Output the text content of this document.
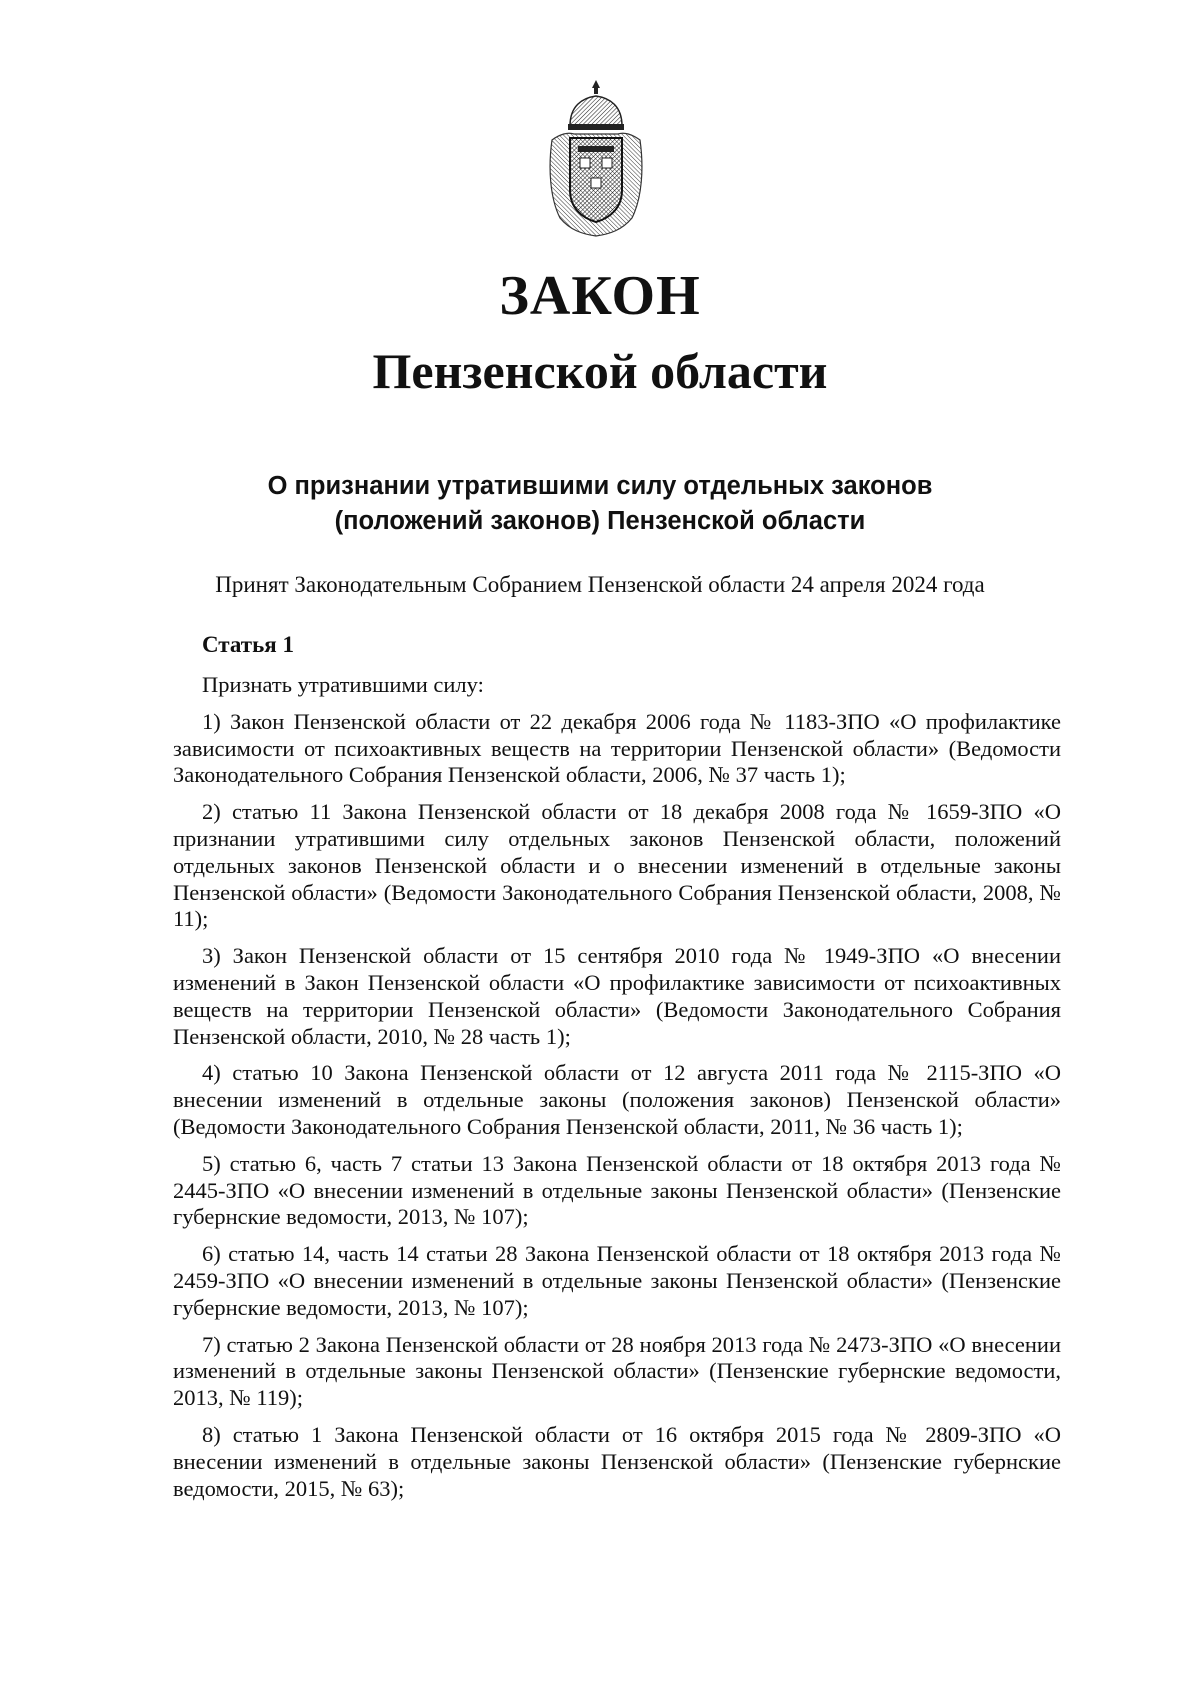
ЗАКОН
Пензенской области
О признании утратившими силу отдельных законов
(положений законов) Пензенской области
Принят Законодательным Собранием Пензенской области 24 апреля 2024 года
Статья 1

Признать утратившими силу:

1) Закон Пензенской области от 22 декабря 2006 года № 1183-ЗПО «О профилактике зависимости от психоактивных веществ на территории Пензенской области» (Ведомости Законодательного Собрания Пензенской области, 2006, № 37 часть 1);

2) статью 11 Закона Пензенской области от 18 декабря 2008 года № 1659-ЗПО «О признании утратившими силу отдельных законов Пензенской области, положений отдельных законов Пензенской области и о внесении изменений в отдельные законы Пензенской области» (Ведомости Законодательного Собрания Пензенской области, 2008, № 11);

3) Закон Пензенской области от 15 сентября 2010 года № 1949-ЗПО «О внесении изменений в Закон Пензенской области «О профилактике зависимости от психоактивных веществ на территории Пензенской области» (Ведомости Законодательного Собрания Пензенской области, 2010, № 28 часть 1);

4) статью 10 Закона Пензенской области от 12 августа 2011 года № 2115-ЗПО «О внесении изменений в отдельные законы (положения законов) Пензенской области» (Ведомости Законодательного Собрания Пензенской области, 2011, № 36 часть 1);

5) статью 6, часть 7 статьи 13 Закона Пензенской области от 18 октября 2013 года № 2445-ЗПО «О внесении изменений в отдельные законы Пензенской области» (Пензенские губернские ведомости, 2013, № 107);

6) статью 14, часть 14 статьи 28 Закона Пензенской области от 18 октября 2013 года № 2459-ЗПО «О внесении изменений в отдельные законы Пензенской области» (Пензенские губернские ведомости, 2013, № 107);

7) статью 2 Закона Пензенской области от 28 ноября 2013 года № 2473-ЗПО «О внесении изменений в отдельные законы Пензенской области» (Пензенские губернские ведомости, 2013, № 119);

8) статью 1 Закона Пензенской области от 16 октября 2015 года № 2809-ЗПО «О внесении изменений в отдельные законы Пензенской области» (Пензенские губернские ведомости, 2015, № 63);
